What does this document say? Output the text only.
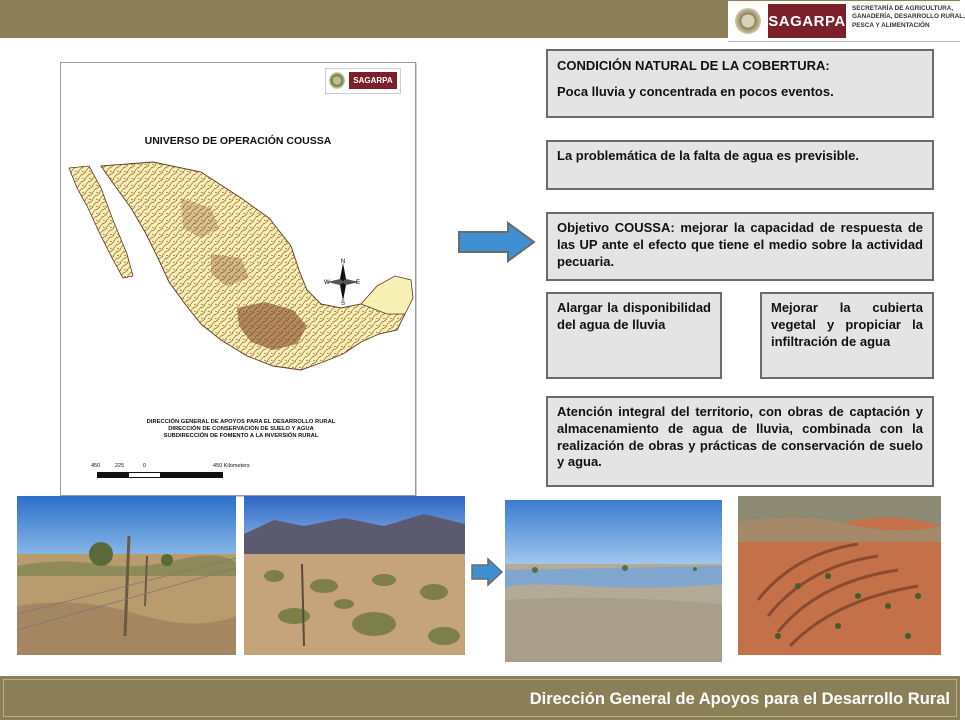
SAGARPA
SECRETARÍA DE AGRICULTURA,
GANADERÍA, DESARROLLO RURAL,
PESCA Y ALIMENTACIÓN
SAGARPA
UNIVERSO DE OPERACIÓN COUSSA
N
S
W	E
DIRECCIÓN GENERAL DE APOYOS PARA EL DESARROLLO RURAL
DIRECCIÓN DE CONSERVACIÓN DE SUELO Y AGUA
SUBDIRECCIÓN DE FOMENTO A LA INVERSIÓN RURAL
450	225	0	450 Kilometers

CONDICIÓN NATURAL DE LA COBERTURA:

Poca lluvia y concentrada en pocos eventos.

La problemática de la falta de agua es previsible.

Objetivo COUSSA: mejorar la capacidad de respuesta de las UP ante el efecto que tiene el medio sobre la actividad pecuaria.

Alargar la disponibilidad del agua de lluvia

Mejorar la cubierta vegetal y propiciar la infiltración de agua

Atención integral del territorio, con obras de captación y almacenamiento de agua de lluvia, combinada con la realización de obras y prácticas de conservación de suelo y agua.

Dirección General de Apoyos para el Desarrollo Rural
